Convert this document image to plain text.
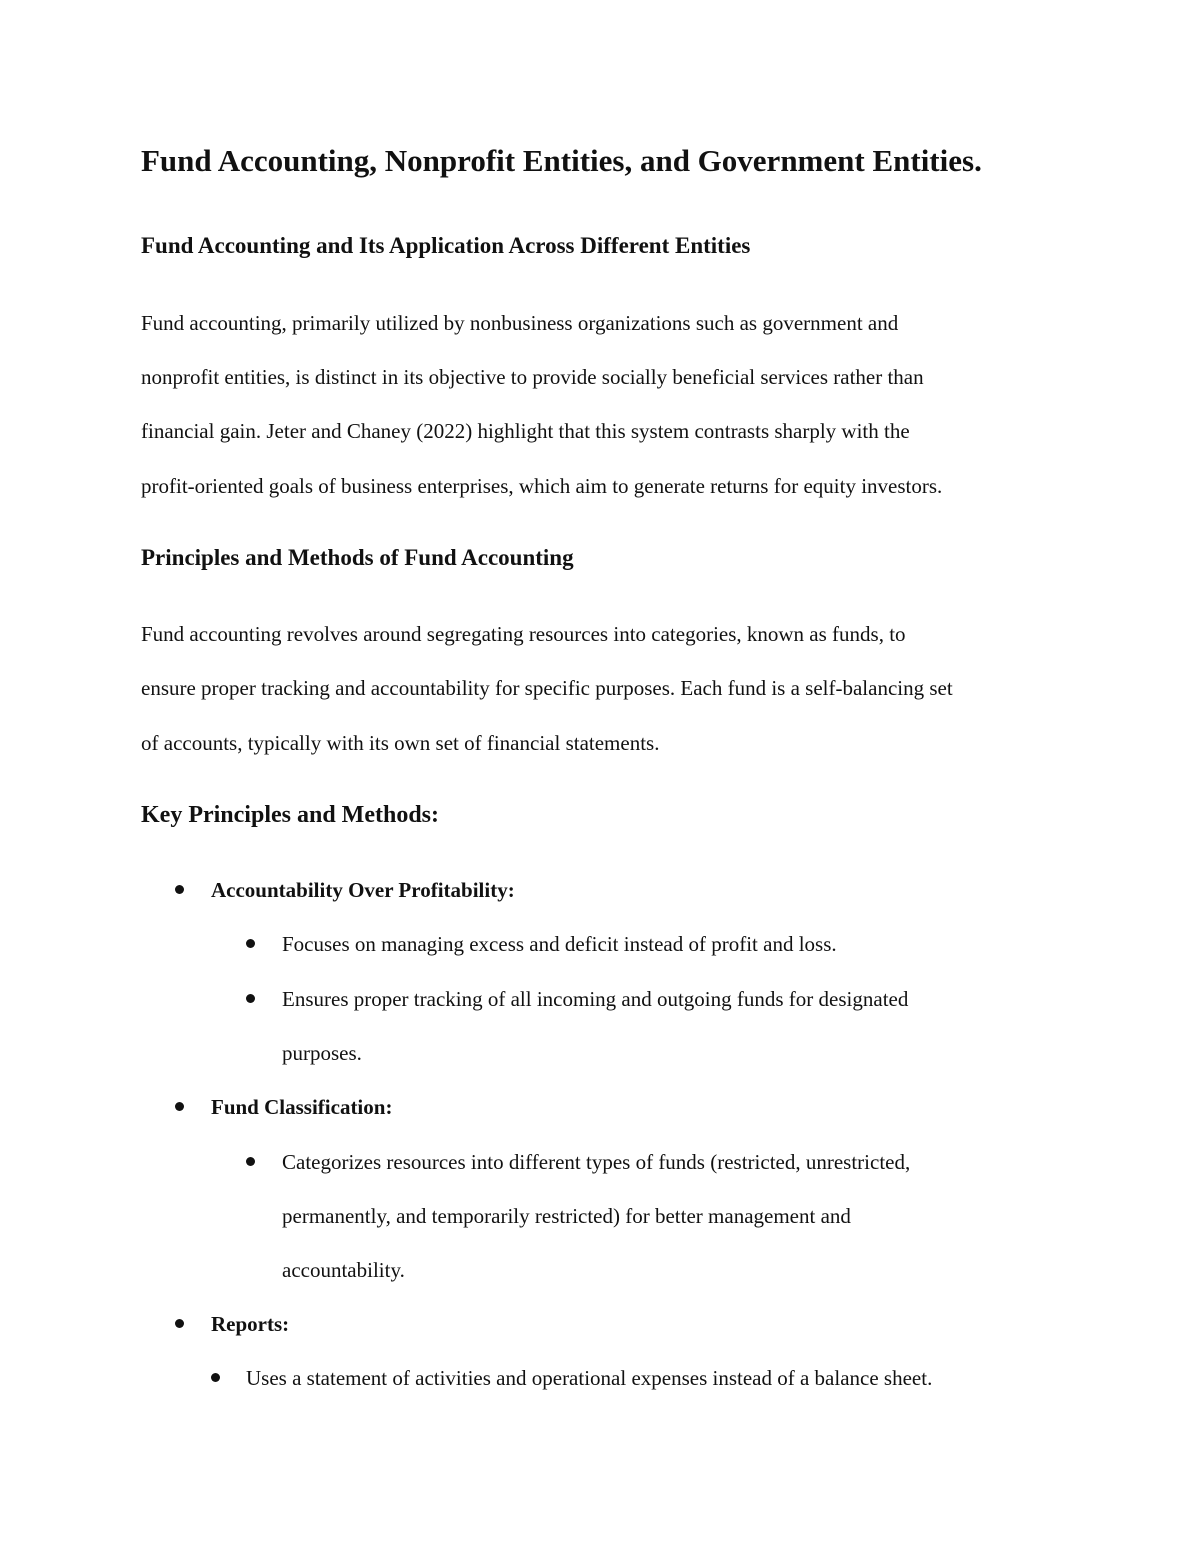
Fund Accounting, Nonprofit Entities, and Government Entities.
Fund Accounting and Its Application Across Different Entities

Fund accounting, primarily utilized by nonbusiness organizations such as government and

nonprofit entities, is distinct in its objective to provide socially beneficial services rather than

financial gain. Jeter and Chaney (2022) highlight that this system contrasts sharply with the

profit-oriented goals of business enterprises, which aim to generate returns for equity investors.

Principles and Methods of Fund Accounting

Fund accounting revolves around segregating resources into categories, known as funds, to

ensure proper tracking and accountability for specific purposes. Each fund is a self-balancing set

of accounts, typically with its own set of financial statements.

Key Principles and Methods:
Accountability Over Profitability:
Focuses on managing excess and deficit instead of profit and loss.
Ensures proper tracking of all incoming and outgoing funds for designated
purposes.
Fund Classification:
Categorizes resources into different types of funds (restricted, unrestricted,
permanently, and temporarily restricted) for better management and
accountability.
Reports:
Uses a statement of activities and operational expenses instead of a balance sheet.
